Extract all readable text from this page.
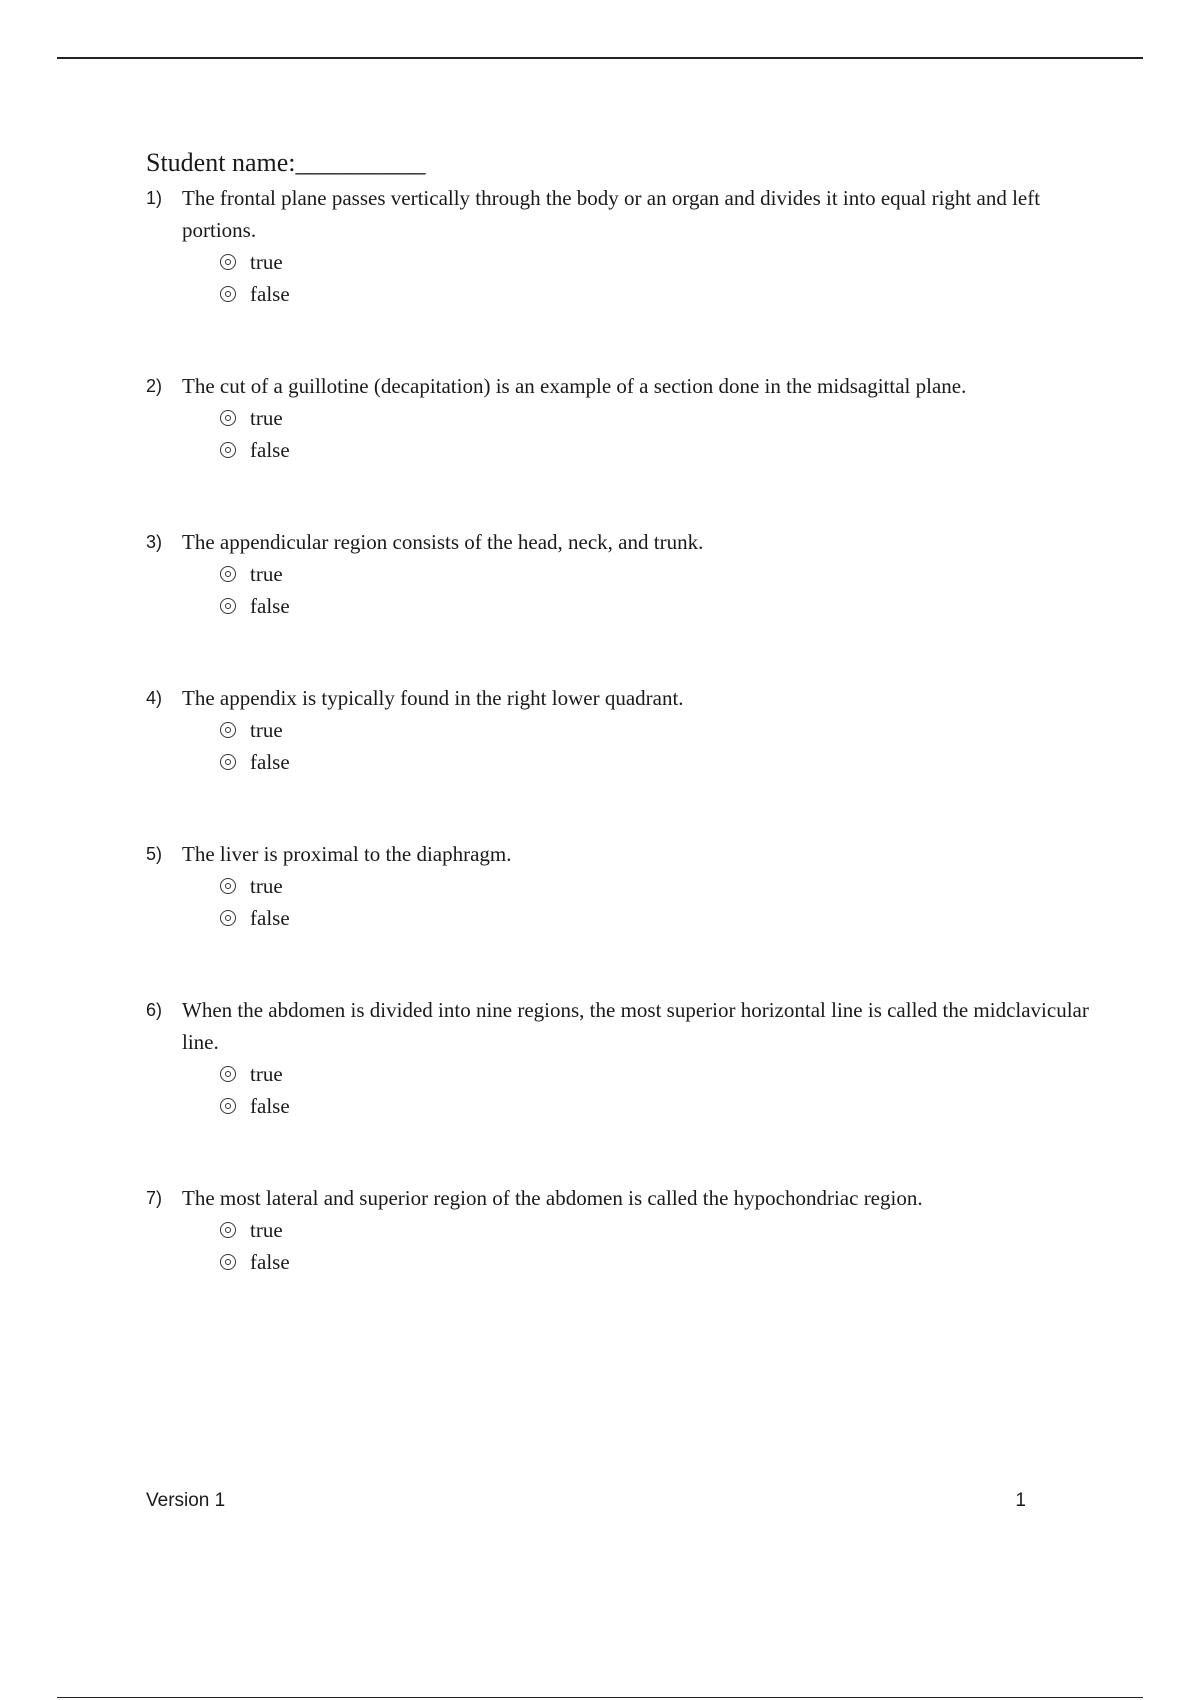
Student name:__________
1) The frontal plane passes vertically through the body or an organ and divides it into equal right and left portions.
true
false
2) The cut of a guillotine (decapitation) is an example of a section done in the midsagittal plane.
true
false
3) The appendicular region consists of the head, neck, and trunk.
true
false
4) The appendix is typically found in the right lower quadrant.
true
false
5) The liver is proximal to the diaphragm.
true
false
6) When the abdomen is divided into nine regions, the most superior horizontal line is called the midclavicular line.
true
false
7) The most lateral and superior region of the abdomen is called the hypochondriac region.
true
false
Version 1	1
